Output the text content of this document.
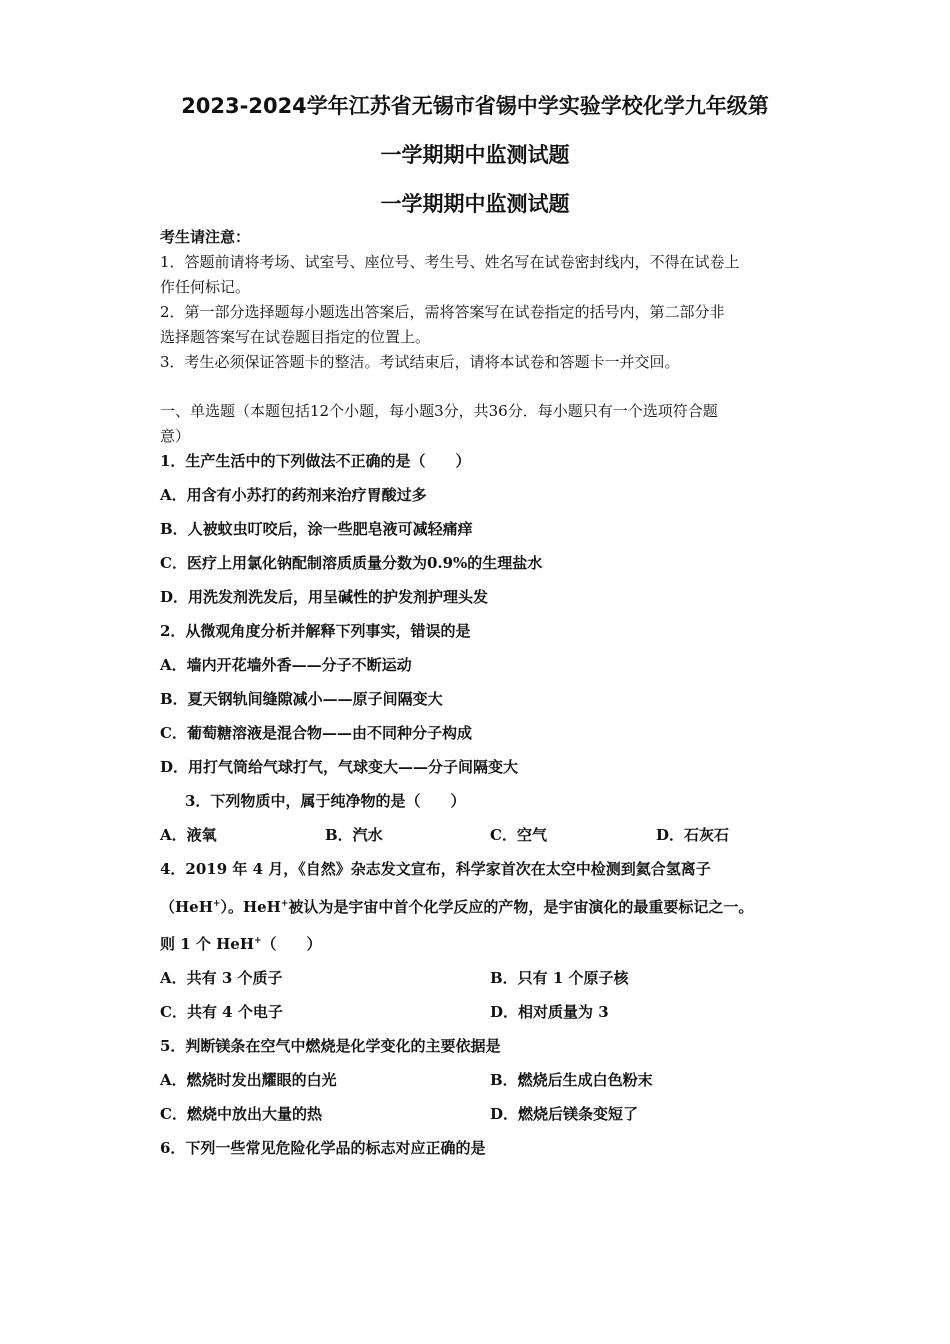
2023-2024学年江苏省无锡市省锡中学实验学校化学九年级第
一学期期中监测试题
一学期期中监测试题
考生请注意：
1．答题前请将考场、试室号、座位号、考生号、姓名写在试卷密封线内，不得在试卷上
作任何标记。
2．第一部分选择题每小题选出答案后，需将答案写在试卷指定的括号内，第二部分非
选择题答案写在试卷题目指定的位置上。
3．考生必须保证答题卡的整洁。考试结束后，请将本试卷和答题卡一并交回。
一、单选题（本题包括12个小题，每小题3分，共36分．每小题只有一个选项符合题
意）
1．生产生活中的下列做法不正确的是（　　）
A．用含有小苏打的药剂来治疗胃酸过多
B．人被蚊虫叮咬后，涂一些肥皂液可减轻痛痒
C．医疗上用氯化钠配制溶质质量分数为0.9%的生理盐水
D．用洗发剂洗发后，用呈碱性的护发剂护理头发
2．从微观角度分析并解释下列事实，错误的是
A．墙内开花墙外香——分子不断运动
B．夏天钢轨间缝隙减小——原子间隔变大
C．葡萄糖溶液是混合物——由不同种分子构成
D．用打气筒给气球打气，气球变大——分子间隔变大
3．下列物质中，属于纯净物的是（　　）
A．液氧	B．汽水	C．空气	D．石灰石
4．2019 年 4 月，《自然》杂志发文宣布，科学家首次在太空中检测到氦合氢离子
（HeH+）。HeH+被认为是宇宙中首个化学反应的产物，是宇宙演化的最重要标记之一。
则 1 个 HeH+（　　）
A．共有 3 个质子	B．只有 1 个原子核
C．共有 4 个电子	D．相对质量为 3
5．判断镁条在空气中燃烧是化学变化的主要依据是
A．燃烧时发出耀眼的白光	B．燃烧后生成白色粉末
C．燃烧中放出大量的热	D．燃烧后镁条变短了
6．下列一些常见危险化学品的标志对应正确的是
